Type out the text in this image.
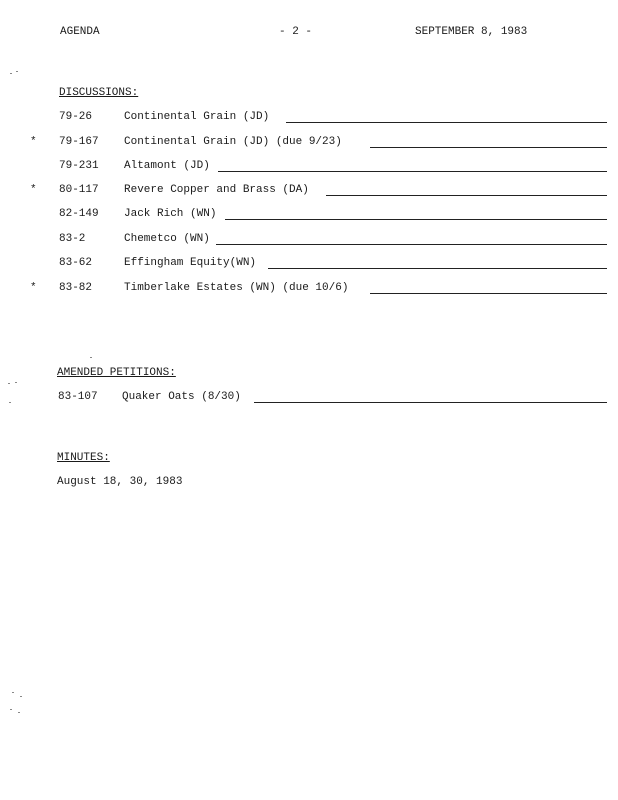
AGENDA	- 2 -	SEPTEMBER 8, 1983
DISCUSSIONS:
79-26	Continental Grain (JD)
* 79-167 Continental Grain (JD) (due 9/23)
79-231 Altamont (JD)
* 80-117 Revere Copper and Brass (DA)
82-149 Jack Rich (WN)
83-2	Chemetco (WN)
83-62	Effingham Equity(WN)
* 83-82	Timberlake Estates (WN) (due 10/6)
AMENDED PETITIONS:
83-107 Quaker Oats (8/30)
MINUTES:
August 18, 30, 1983
